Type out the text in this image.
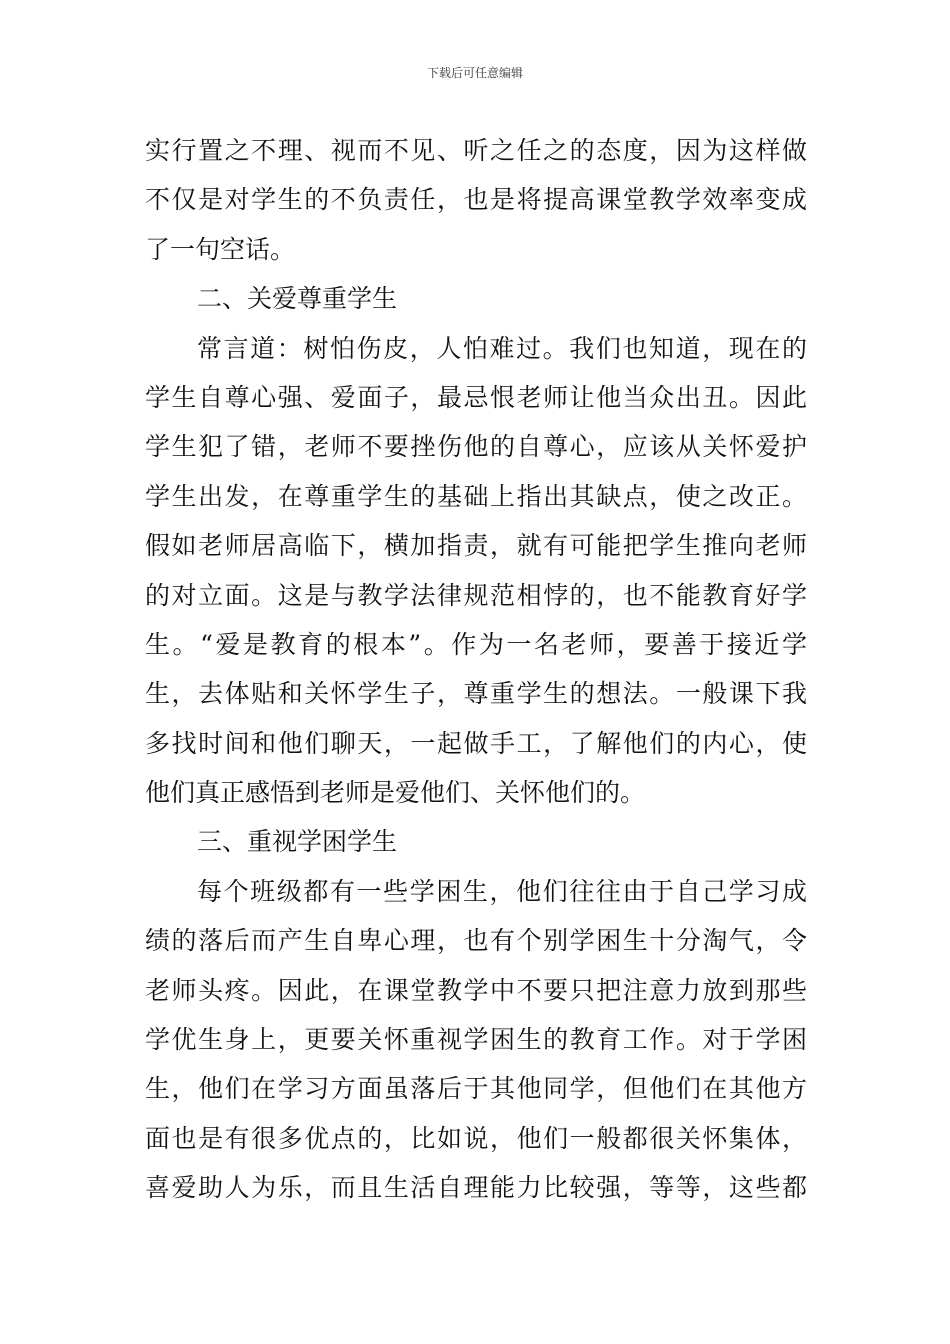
下载后可任意编辑
实行置之不理、视而不见、听之任之的态度，因为这样做
不仅是对学生的不负责任，也是将提高课堂教学效率变成
了一句空话。
二、关爱尊重学生
常言道：树怕伤皮，人怕难过。我们也知道，现在的
学生自尊心强、爱面子，最忌恨老师让他当众出丑。因此
学生犯了错，老师不要挫伤他的自尊心，应该从关怀爱护
学生出发，在尊重学生的基础上指出其缺点，使之改正。
假如老师居高临下，横加指责，就有可能把学生推向老师
的对立面。这是与教学法律规范相悖的，也不能教育好学
生。“爱是教育的根本”。作为一名老师，要善于接近学
生，去体贴和关怀学生子，尊重学生的想法。一般课下我
多找时间和他们聊天，一起做手工，了解他们的内心，使
他们真正感悟到老师是爱他们、关怀他们的。
三、重视学困学生
每个班级都有一些学困生，他们往往由于自己学习成
绩的落后而产生自卑心理，也有个别学困生十分淘气，令
老师头疼。因此，在课堂教学中不要只把注意力放到那些
学优生身上，更要关怀重视学困生的教育工作。对于学困
生，他们在学习方面虽落后于其他同学，但他们在其他方
面也是有很多优点的，比如说，他们一般都很关怀集体，
喜爱助人为乐，而且生活自理能力比较强，等等，这些都
